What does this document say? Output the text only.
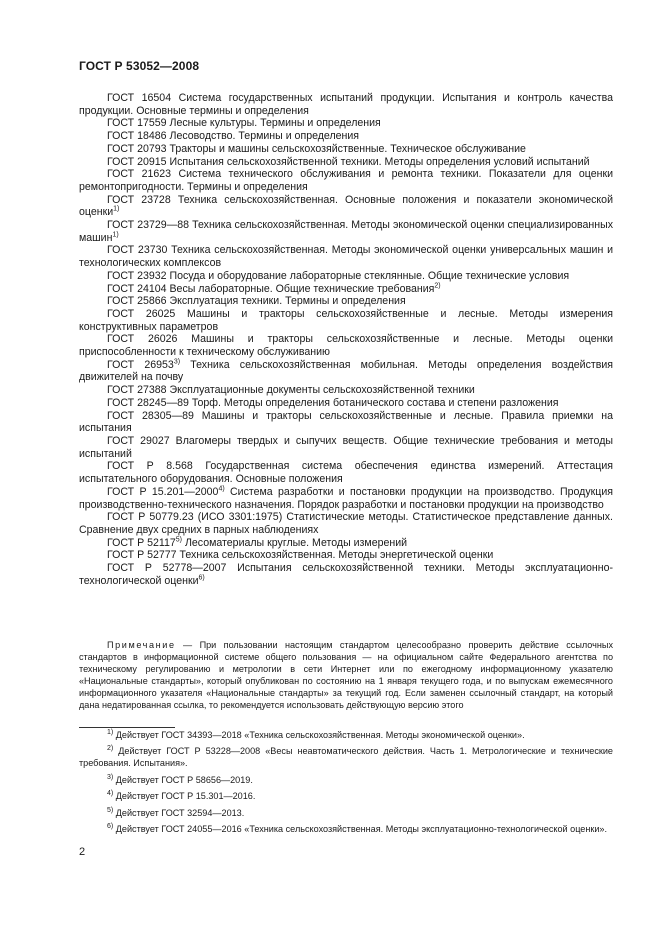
ГОСТ Р 53052—2008

ГОСТ 16504 Система государственных испытаний продукции. Испытания и контроль качества продукции. Основные термины и определения

ГОСТ 17559 Лесные культуры. Термины и определения

ГОСТ 18486 Лесоводство. Термины и определения

ГОСТ 20793 Тракторы и машины сельскохозяйственные. Техническое обслуживание

ГОСТ 20915 Испытания сельскохозяйственной техники. Методы определения условий испытаний

ГОСТ 21623 Система технического обслуживания и ремонта техники. Показатели для оценки ремонтопригодности. Термины и определения

ГОСТ 23728 Техника сельскохозяйственная. Основные положения и показатели экономической оценки$^{1)}$

ГОСТ 23729—88 Техника сельскохозяйственная. Методы экономической оценки специализированных машин$^{1)}$

ГОСТ 23730 Техника сельскохозяйственная. Методы экономической оценки универсальных машин и технологических комплексов

ГОСТ 23932 Посуда и оборудование лабораторные стеклянные. Общие технические условия

ГОСТ 24104 Весы лабораторные. Общие технические требования$^{2)}$

ГОСТ 25866 Эксплуатация техники. Термины и определения

ГОСТ 26025 Машины и тракторы сельскохозяйственные и лесные. Методы измерения конструктивных параметров

ГОСТ 26026 Машины и тракторы сельскохозяйственные и лесные. Методы оценки приспособленности к техническому обслуживанию

ГОСТ 26953$^{3)}$ Техника сельскохозяйственная мобильная. Методы определения воздействия движителей на почву

ГОСТ 27388 Эксплуатационные документы сельскохозяйственной техники

ГОСТ 28245—89 Торф. Методы определения ботанического состава и степени разложения

ГОСТ 28305—89 Машины и тракторы сельскохозяйственные и лесные. Правила приемки на испытания

ГОСТ 29027 Влагомеры твердых и сыпучих веществ. Общие технические требования и методы испытаний

ГОСТ Р 8.568 Государственная система обеспечения единства измерений. Аттестация испытательного оборудования. Основные положения

ГОСТ Р 15.201—2000$^{4)}$ Система разработки и постановки продукции на производство. Продукция производственно-технического назначения. Порядок разработки и постановки продукции на производство

ГОСТ Р 50779.23 (ИСО 3301:1975) Статистические методы. Статистическое представление данных. Сравнение двух средних в парных наблюдениях

ГОСТ Р 52117$^{5)}$ Лесоматериалы круглые. Методы измерений

ГОСТ Р 52777 Техника сельскохозяйственная. Методы энергетической оценки

ГОСТ Р 52778—2007 Испытания сельскохозяйственной техники. Методы эксплуатационно-технологической оценки$^{6)}$

Примечание — При пользовании настоящим стандартом целесообразно проверить действие ссылочных стандартов в информационной системе общего пользования — на официальном сайте Федерального агентства по техническому регулированию и метрологии в сети Интернет или по ежегодному информационному указателю «Национальные стандарты», который опубликован по состоянию на 1 января текущего года, и по выпускам ежемесячного информационного указателя «Национальные стандарты» за текущий год. Если заменен ссылочный стандарт, на который дана недатированная ссылка, то рекомендуется использовать действующую версию этого

$^{1)}$ Действует ГОСТ 34393—2018 «Техника сельскохозяйственная. Методы экономической оценки».

$^{2)}$ Действует ГОСТ Р 53228—2008 «Весы неавтоматического действия. Часть 1. Метрологические и технические требования. Испытания».

$^{3)}$ Действует ГОСТ Р 58656—2019.

$^{4)}$ Действует ГОСТ Р 15.301—2016.

$^{5)}$ Действует ГОСТ 32594—2013.

$^{6)}$ Действует ГОСТ 24055—2016 «Техника сельскохозяйственная. Методы эксплуатационно-технологической оценки».

2
